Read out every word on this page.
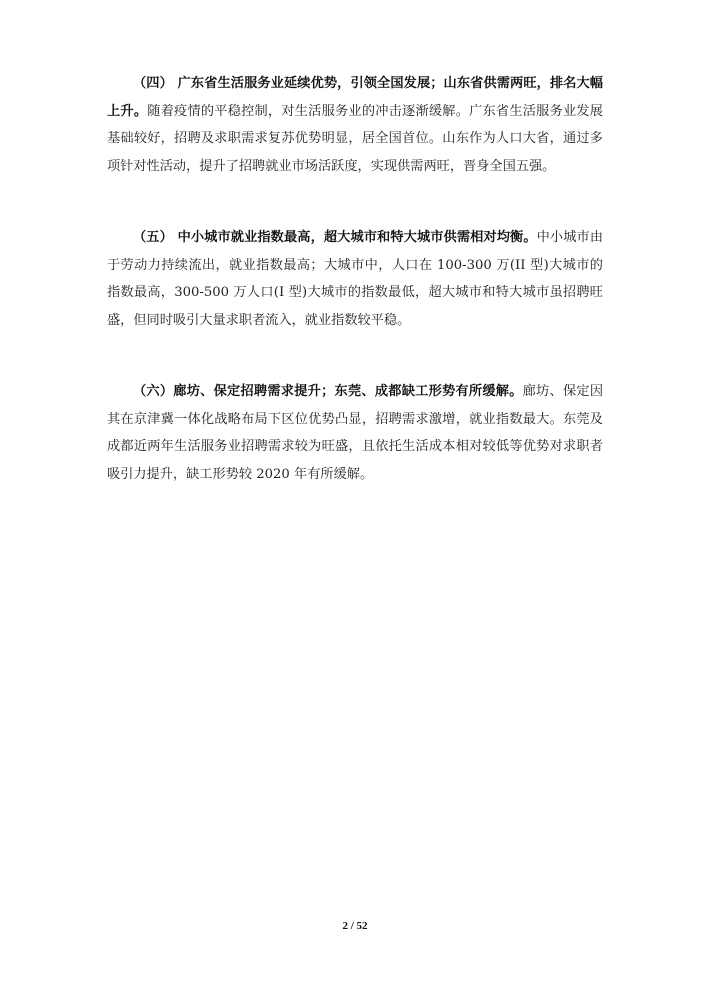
（四） 广东省生活服务业延续优势，引领全国发展；山东省供需两旺，排名大幅上升。随着疫情的平稳控制，对生活服务业的冲击逐渐缓解。广东省生活服务业发展基础较好，招聘及求职需求复苏优势明显，居全国首位。山东作为人口大省，通过多项针对性活动，提升了招聘就业市场活跃度，实现供需两旺，晋身全国五强。

（五） 中小城市就业指数最高，超大城市和特大城市供需相对均衡。中小城市由于劳动力持续流出，就业指数最高；大城市中，人口在 100-300 万(II 型)大城市的指数最高，300-500 万人口(I 型)大城市的指数最低，超大城市和特大城市虽招聘旺盛，但同时吸引大量求职者流入，就业指数较平稳。

（六）廊坊、保定招聘需求提升；东莞、成都缺工形势有所缓解。廊坊、保定因其在京津冀一体化战略布局下区位优势凸显，招聘需求激增，就业指数最大。东莞及成都近两年生活服务业招聘需求较为旺盛，且依托生活成本相对较低等优势对求职者吸引力提升，缺工形势较 2020 年有所缓解。

2 / 52
